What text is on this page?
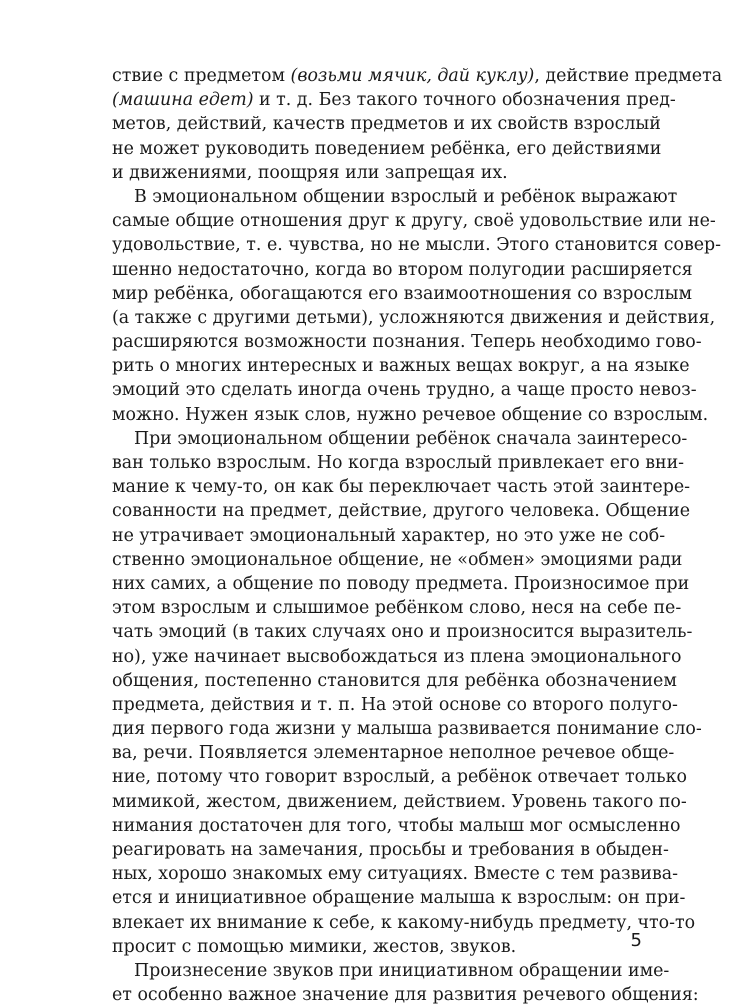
ствие с предметом (возьми мячик, дай куклу), действие предмета
(машина едет) и т. д. Без такого точного обозначения пред-
метов, действий, качеств предметов и их свойств взрослый
не может руководить поведением ребёнка, его действиями
и движениями, поощряя или запрещая их.
В эмоциональном общении взрослый и ребёнок выражают
самые общие отношения друг к другу, своё удовольствие или не-
удовольствие, т. е. чувства, но не мысли. Этого становится совер-
шенно недостаточно, когда во втором полугодии расширяется
мир ребёнка, обогащаются его взаимоотношения со взрослым
(а также с другими детьми), усложняются движения и действия,
расширяются возможности познания. Теперь необходимо гово-
рить о многих интересных и важных вещах вокруг, а на языке
эмоций это сделать иногда очень трудно, а чаще просто невоз-
можно. Нужен язык слов, нужно речевое общение со взрослым.
При эмоциональном общении ребёнок сначала заинтересо-
ван только взрослым. Но когда взрослый привлекает его вни-
мание к чему-то, он как бы переключает часть этой заинтере-
сованности на предмет, действие, другого человека. Общение
не утрачивает эмоциональный характер, но это уже не соб-
ственно эмоциональное общение, не «обмен» эмоциями ради
них самих, а общение по поводу предмета. Произносимое при
этом взрослым и слышимое ребёнком слово, неся на себе пе-
чать эмоций (в таких случаях оно и произносится выразитель-
но), уже начинает высвобождаться из плена эмоционального
общения, постепенно становится для ребёнка обозначением
предмета, действия и т. п. На этой основе со второго полуго-
дия первого года жизни у малыша развивается понимание сло-
ва, речи. Появляется элементарное неполное речевое обще-
ние, потому что говорит взрослый, а ребёнок отвечает только
мимикой, жестом, движением, действием. Уровень такого по-
нимания достаточен для того, чтобы малыш мог осмысленно
реагировать на замечания, просьбы и требования в обыден-
ных, хорошо знакомых ему ситуациях. Вместе с тем развива-
ется и инициативное обращение малыша к взрослым: он при-
влекает их внимание к себе, к какому-нибудь предмету, что-то
просит с помощью мимики, жестов, звуков.
Произнесение звуков при инициативном обращении име-
ет особенно важное значение для развития речевого общения:
5
